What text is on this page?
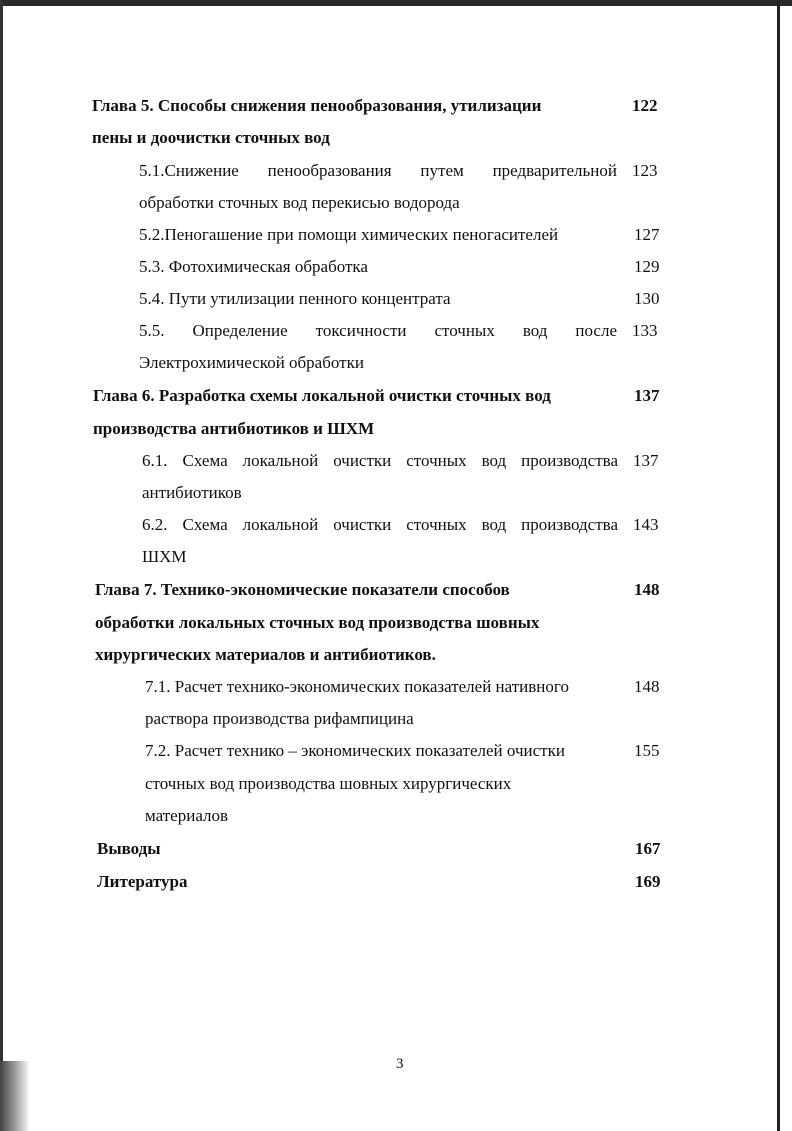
Глава 5. Способы снижения пенообразования, утилизации	122
пены и доочистки сточных вод
5.1.Снижение пенообразования путем предварительной 123
обработки сточных вод перекисью водорода
5.2.Пеногашение при помощи химических пеногасителей	127
5.3. Фотохимическая обработка	129
5.4. Пути утилизации пенного концентрата	130
5.5. Определение токсичности сточных вод после 133
Электрохимической обработки
Глава 6. Разработка схемы локальной очистки сточных вод	137
производства антибиотиков и ШХМ
6.1. Схема локальной очистки сточных вод производства 137
антибиотиков
6.2. Схема локальной очистки сточных вод производства 143
ШХМ
Глава 7. Технико-экономические показатели способов	148
обработки локальных сточных вод производства шовных
хирургических материалов и антибиотиков.
7.1. Расчет технико-экономических показателей нативного	148
раствора производства рифампицина
7.2. Расчет технико – экономических показателей очистки	155
сточных вод производства шовных хирургических
материалов
Выводы	167
Литература	169
3
